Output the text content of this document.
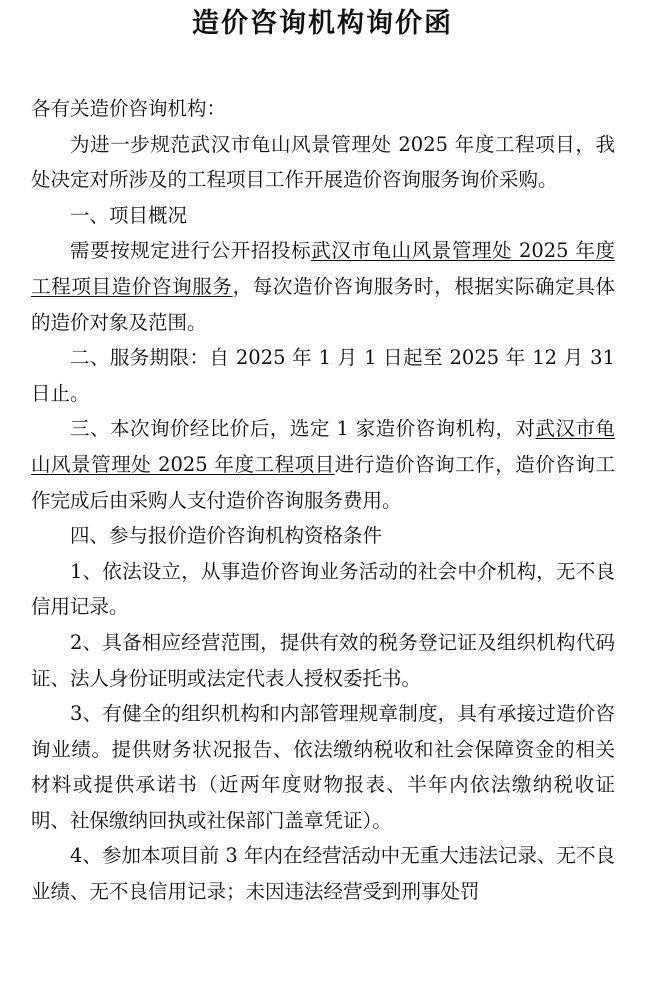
造价咨询机构询价函

各有关造价咨询机构：

为进一步规范武汉市龟山风景管理处 2025 年度工程项目，我处决定对所涉及的工程项目工作开展造价咨询服务询价采购。

一、项目概况

需要按规定进行公开招投标武汉市龟山风景管理处 2025 年度工程项目造价咨询服务，每次造价咨询服务时，根据实际确定具体的造价对象及范围。

二、服务期限：自 2025 年 1 月 1 日起至 2025 年 12 月 31 日止。

三、本次询价经比价后，选定 1 家造价咨询机构，对武汉市龟山风景管理处 2025 年度工程项目进行造价咨询工作，造价咨询工作完成后由采购人支付造价咨询服务费用。

四、参与报价造价咨询机构资格条件

1、依法设立，从事造价咨询业务活动的社会中介机构，无不良信用记录。

2、具备相应经营范围，提供有效的税务登记证及组织机构代码证、法人身份证明或法定代表人授权委托书。

3、有健全的组织机构和内部管理规章制度，具有承接过造价咨询业绩。提供财务状况报告、依法缴纳税收和社会保障资金的相关材料或提供承诺书（近两年度财物报表、半年内依法缴纳税收证明、社保缴纳回执或社保部门盖章凭证）。

4、参加本项目前 3 年内在经营活动中无重大违法记录、无不良业绩、无不良信用记录；未因违法经营受到刑事处罚
